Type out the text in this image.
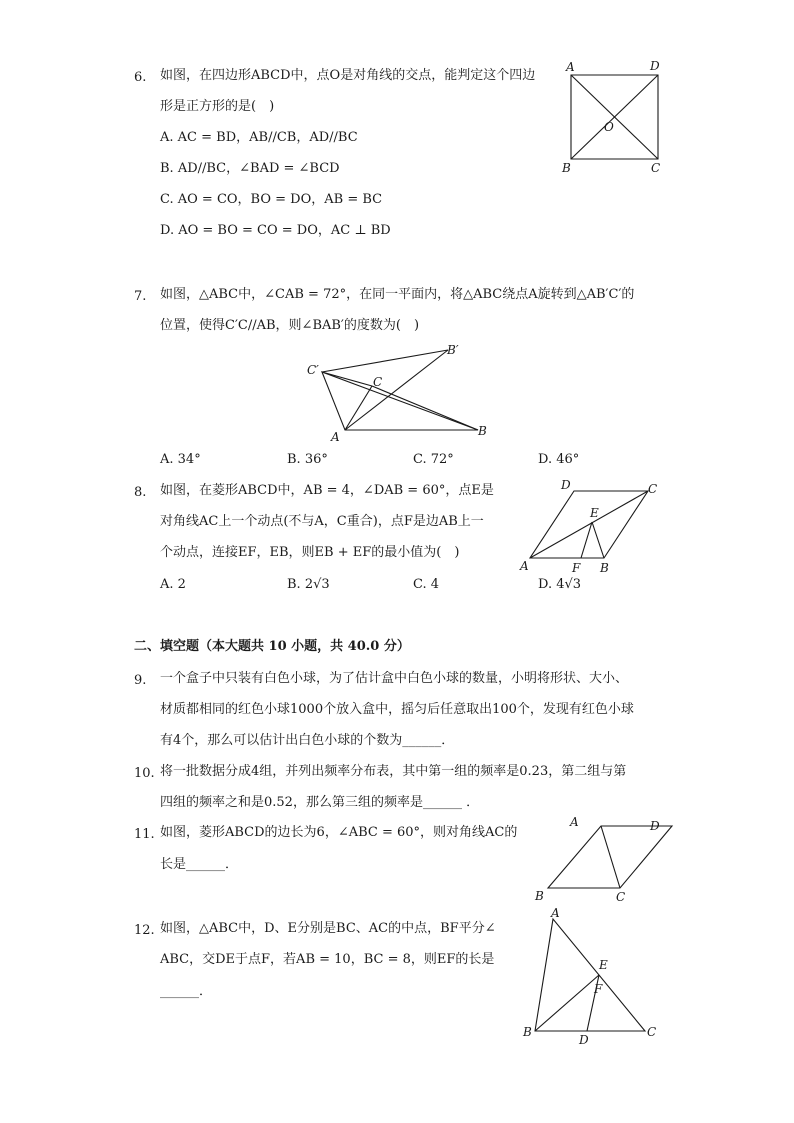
6. 如图，在四边形ABCD中，点O是对角线的交点，能判定这个四边
形是正方形的是(　)
A. AC = BD，AB//CB，AD//BC
B. AD//BC，∠BAD = ∠BCD
C. AO = CO，BO = DO，AB = BC
D. AO = BO = CO = DO，AC ⊥ BD
A	D
O
B	C
7. 如图，△ABC中，∠CAB = 72°，在同一平面内，将△ABC绕点A旋转到△AB′C′的
位置，使得C′C//AB，则∠BAB′的度数为(　)
C′
C
B′
A	B
A. 34°	B. 36°	C. 72°	D. 46°
8. 如图，在菱形ABCD中，AB = 4，∠DAB = 60°，点E是
对角线AC上一个动点(不与A，C重合)，点F是边AB上一
个动点，连接EF，EB，则EB + EF的最小值为(　)
A. 2	B. 2√3	C. 4	D. 4√3
D	C
E
A	F B
二、填空题（本大题共 10 小题，共 40.0 分）
9. 一个盒子中只装有白色小球，为了估计盒中白色小球的数量，小明将形状、大小、
材质都相同的红色小球1000个放入盒中，摇匀后任意取出100个，发现有红色小球
有4个，那么可以估计出白色小球的个数为______．
10. 将一批数据分成4组，并列出频率分布表，其中第一组的频率是0.23，第二组与第
四组的频率之和是0.52，那么第三组的频率是______ ．
11. 如图，菱形ABCD的边长为6，∠ABC = 60°，则对角线AC的
长是______．
A	D
B	C
12. 如图，△ABC中，D、E分别是BC、AC的中点，BF平分∠
ABC，交DE于点F，若AB = 10，BC = 8，则EF的长是
______．
A
E
F
B
D
C
